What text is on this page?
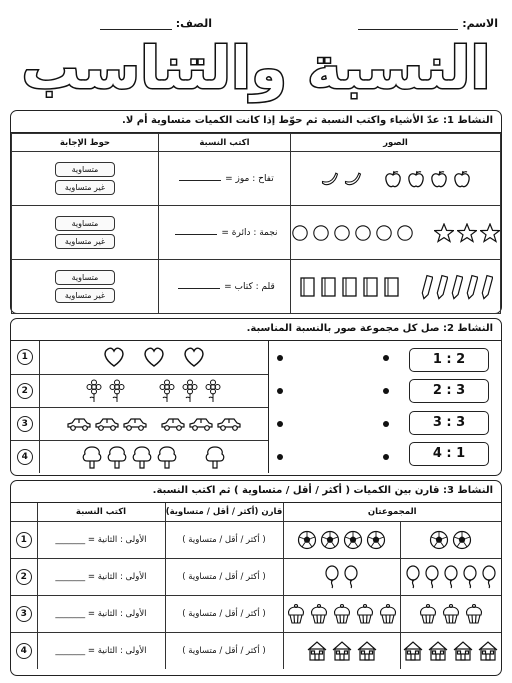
الاسم:
الصف:
النسبة والتناسب
النشاط 1: عدّ الأشياء واكتب النسبة ثم حوّط إذا كانت الكميات متساوية أم لا.
الصور	اكتب النسبة	حوط الإجابة

	تفاح : موز =	متساوية
غير متساوية

	نجمة : دائرة =	متساوية
غير متساوية

	قلم : كتاب =	متساوية
غير متساوية
النشاط 2: صل كل مجموعة صور بالنسبة المناسبة.
1	

2	

3	

4	
1 : 2
2 : 3
3 : 3
4 : 1
النشاط 3: قارن بين الكميات ( أكثر / أقل / متساوية ) ثم اكتب النسبة.
	اكتب النسبة	قارن (أكثر / أقل / متساوية)	المجموعتان	
1	الأولى : الثانية = _______	( أكثر / أقل / متساوية )	

2	الأولى : الثانية = _______	( أكثر / أقل / متساوية )	

3	الأولى : الثانية = _______	( أكثر / أقل / متساوية )	

4	الأولى : الثانية = _______	( أكثر / أقل / متساوية )	
